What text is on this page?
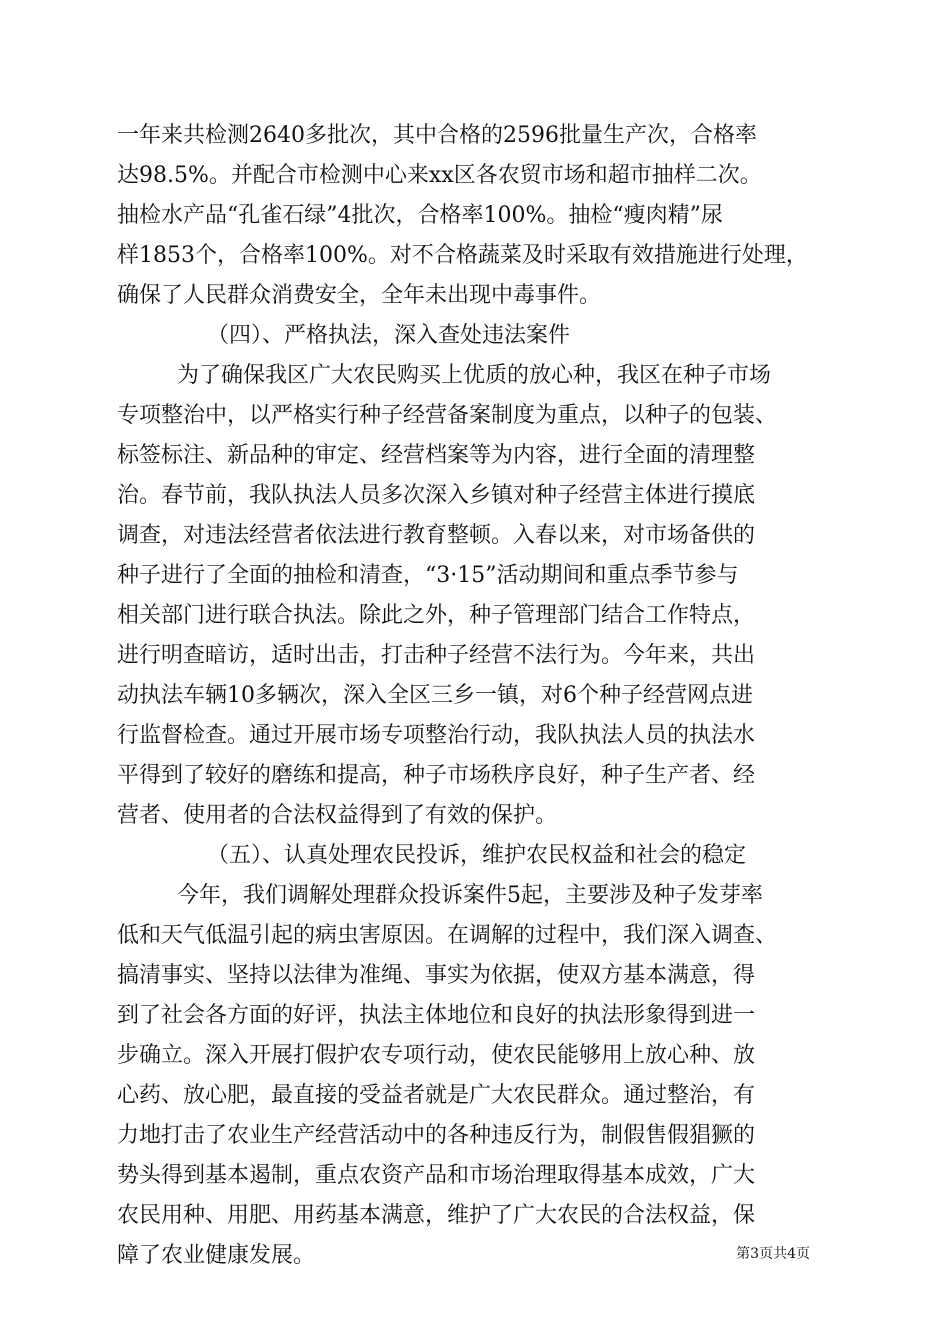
一年来共检测2640多批次，其中合格的2596批量生产次，合格率
达98.5%。并配合市检测中心来xx区各农贸市场和超市抽样二次。
抽检水产品“孔雀石绿”4批次，合格率100%。抽检“瘦肉精”尿
样1853个，合格率100%。对不合格蔬菜及时采取有效措施进行处理，
确保了人民群众消费安全，全年未出现中毒事件。
（四）、严格执法，深入查处违法案件
为了确保我区广大农民购买上优质的放心种，我区在种子市场
专项整治中，以严格实行种子经营备案制度为重点，以种子的包装、
标签标注、新品种的审定、经营档案等为内容，进行全面的清理整
治。春节前，我队执法人员多次深入乡镇对种子经营主体进行摸底
调查，对违法经营者依法进行教育整顿。入春以来，对市场备供的
种子进行了全面的抽检和清查，“3·15”活动期间和重点季节参与
相关部门进行联合执法。除此之外，种子管理部门结合工作特点，
进行明查暗访，适时出击，打击种子经营不法行为。今年来，共出
动执法车辆10多辆次，深入全区三乡一镇，对6个种子经营网点进
行监督检查。通过开展市场专项整治行动，我队执法人员的执法水
平得到了较好的磨练和提高，种子市场秩序良好，种子生产者、经
营者、使用者的合法权益得到了有效的保护。
（五）、认真处理农民投诉，维护农民权益和社会的稳定
今年，我们调解处理群众投诉案件5起，主要涉及种子发芽率
低和天气低温引起的病虫害原因。在调解的过程中，我们深入调查、
搞清事实、坚持以法律为准绳、事实为依据，使双方基本满意，得
到了社会各方面的好评，执法主体地位和良好的执法形象得到进一
步确立。深入开展打假护农专项行动，使农民能够用上放心种、放
心药、放心肥，最直接的受益者就是广大农民群众。通过整治，有
力地打击了农业生产经营活动中的各种违反行为，制假售假猖獗的
势头得到基本遏制，重点农资产品和市场治理取得基本成效，广大
农民用种、用肥、用药基本满意，维护了广大农民的合法权益，保
障了农业健康发展。	第3页共4页
